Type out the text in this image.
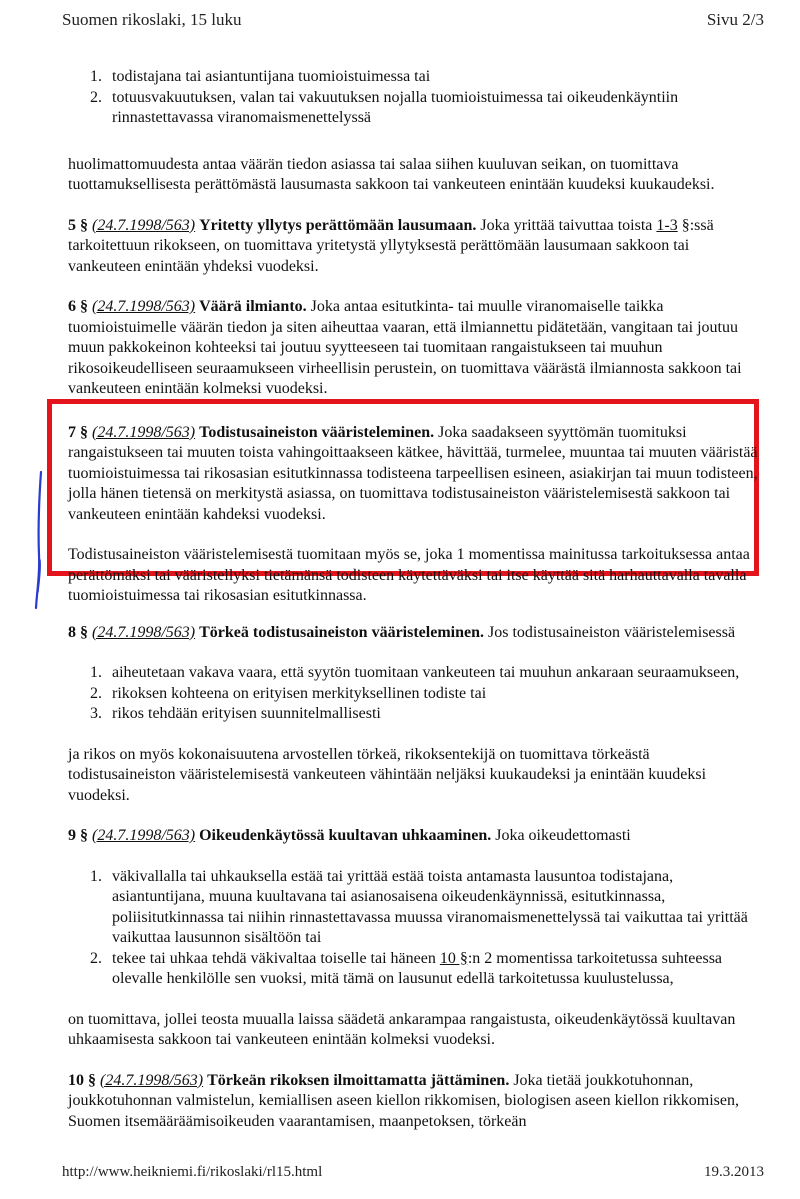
Suomen rikoslaki, 15 luku	Sivu 2/3
1. todistajana tai asiantuntijana tuomioistuimessa tai
2. totuusvakuutuksen, valan tai vakuutuksen nojalla tuomioistuimessa tai oikeudenkäyntiin rinnastettavassa viranomaismenettelyssä

huolimattomuudesta antaa väärän tiedon asiassa tai salaa siihen kuuluvan seikan, on tuomittava tuottamuksellisesta perättömästä lausumasta sakkoon tai vankeuteen enintään kuudeksi kuukaudeksi.

5 § (24.7.1998/563) Yritetty yllytys perättömään lausumaan. Joka yrittää taivuttaa toista 1-3 §:ssä tarkoitettuun rikokseen, on tuomittava yritetystä yllytyksestä perättömään lausumaan sakkoon tai vankeuteen enintään yhdeksi vuodeksi.

6 § (24.7.1998/563) Väärä ilmianto. Joka antaa esitutkinta- tai muulle viranomaiselle taikka tuomioistuimelle väärän tiedon ja siten aiheuttaa vaaran, että ilmiannettu pidätetään, vangitaan tai joutuu muun pakkokeinon kohteeksi tai joutuu syytteeseen tai tuomitaan rangaistukseen tai muuhun rikosoikeudelliseen seuraamukseen virheellisin perustein, on tuomittava väärästä ilmiannosta sakkoon tai vankeuteen enintään kolmeksi vuodeksi.

7 § (24.7.1998/563) Todistusaineiston vääristeleminen. Joka saadakseen syyttömän tuomituksi rangaistukseen tai muuten toista vahingoittaakseen kätkee, hävittää, turmelee, muuntaa tai muuten vääristää tuomioistuimessa tai rikosasian esitutkinnassa todisteena tarpeellisen esineen, asiakirjan tai muun todisteen, jolla hänen tietensä on merkitystä asiassa, on tuomittava todistusaineiston vääristelemisestä sakkoon tai vankeuteen enintään kahdeksi vuodeksi.

Todistusaineiston vääristelemisestä tuomitaan myös se, joka 1 momentissa mainitussa tarkoituksessa antaa perättömäksi tai vääristellyksi tietämänsä todisteen käytettäväksi tai itse käyttää sitä harhauttavalla tavalla tuomioistuimessa tai rikosasian esitutkinnassa.

8 § (24.7.1998/563) Törkeä todistusaineiston vääristeleminen. Jos todistusaineiston vääristelemisessä

1. aiheutetaan vakava vaara, että syytön tuomitaan vankeuteen tai muuhun ankaraan seuraamukseen,
2. rikoksen kohteena on erityisen merkityksellinen todiste tai
3. rikos tehdään erityisen suunnitelmallisesti

ja rikos on myös kokonaisuutena arvostellen törkeä, rikoksentekijä on tuomittava törkeästä todistusaineiston vääristelemisestä vankeuteen vähintään neljäksi kuukaudeksi ja enintään kuudeksi vuodeksi.

9 § (24.7.1998/563) Oikeudenkäytössä kuultavan uhkaaminen. Joka oikeudettomasti

1. väkivallalla tai uhkauksella estää tai yrittää estää toista antamasta lausuntoa todistajana, asiantuntijana, muuna kuultavana tai asianosaisena oikeudenkäynnissä, esitutkinnassa, poliisitutkinnassa tai niihin rinnastettavassa muussa viranomaismenettelyssä tai vaikuttaa tai yrittää vaikuttaa lausunnon sisältöön tai
2. tekee tai uhkaa tehdä väkivaltaa toiselle tai häneen 10 §:n 2 momentissa tarkoitetussa suhteessa olevalle henkilölle sen vuoksi, mitä tämä on lausunut edellä tarkoitetussa kuulustelussa,

on tuomittava, jollei teosta muualla laissa säädetä ankarampaa rangaistusta, oikeudenkäytössä kuultavan uhkaamisesta sakkoon tai vankeuteen enintään kolmeksi vuodeksi.

10 § (24.7.1998/563) Törkeän rikoksen ilmoittamatta jättäminen. Joka tietää joukkotuhonnan, joukkotuhonnan valmistelun, kemiallisen aseen kiellon rikkomisen, biologisen aseen kiellon rikkomisen, Suomen itsemääräämisoikeuden vaarantamisen, maanpetoksen, törkeän

http://www.heikniemi.fi/rikoslaki/rl15.html	19.3.2013
